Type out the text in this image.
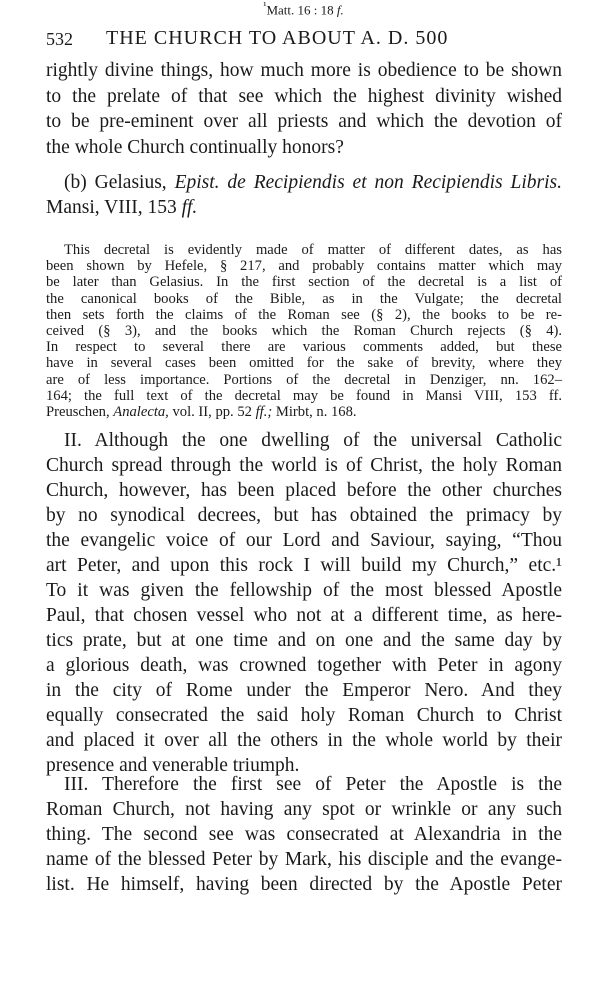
532 THE CHURCH TO ABOUT A. D. 500
rightly divine things, how much more is obedience to be shown
to the prelate of that see which the highest divinity wished
to be pre-eminent over all priests and which the devotion of
the whole Church continually honors?
(b) Gelasius, Epist. de Recipiendis et non Recipiendis Libris.
Mansi, VIII, 153 ff.
This decretal is evidently made of matter of different dates, as has
been shown by Hefele, § 217, and probably contains matter which may
be later than Gelasius. In the first section of the decretal is a list of
the canonical books of the Bible, as in the Vulgate; the decretal
then sets forth the claims of the Roman see (§ 2), the books to be re-
ceived (§ 3), and the books which the Roman Church rejects (§ 4).
In respect to several there are various comments added, but these
have in several cases been omitted for the sake of brevity, where they
are of less importance. Portions of the decretal in Denziger, nn. 162–
164; the full text of the decretal may be found in Mansi VIII, 153 ff.
Preuschen, Analecta, vol. II, pp. 52 ff.; Mirbt, n. 168.
II. Although the one dwelling of the universal Catholic
Church spread through the world is of Christ, the holy Roman
Church, however, has been placed before the other churches
by no synodical decrees, but has obtained the primacy by
the evangelic voice of our Lord and Saviour, saying, “Thou
art Peter, and upon this rock I will build my Church,” etc.¹
To it was given the fellowship of the most blessed Apostle
Paul, that chosen vessel who not at a different time, as here-
tics prate, but at one time and on one and the same day by
a glorious death, was crowned together with Peter in agony
in the city of Rome under the Emperor Nero. And they
equally consecrated the said holy Roman Church to Christ
and placed it over all the others in the whole world by their
presence and venerable triumph.
III. Therefore the first see of Peter the Apostle is the
Roman Church, not having any spot or wrinkle or any such
thing. The second see was consecrated at Alexandria in the
name of the blessed Peter by Mark, his disciple and the evange-
list. He himself, having been directed by the Apostle Peter
$^{^1}$Matt. 16 : 18 f.
